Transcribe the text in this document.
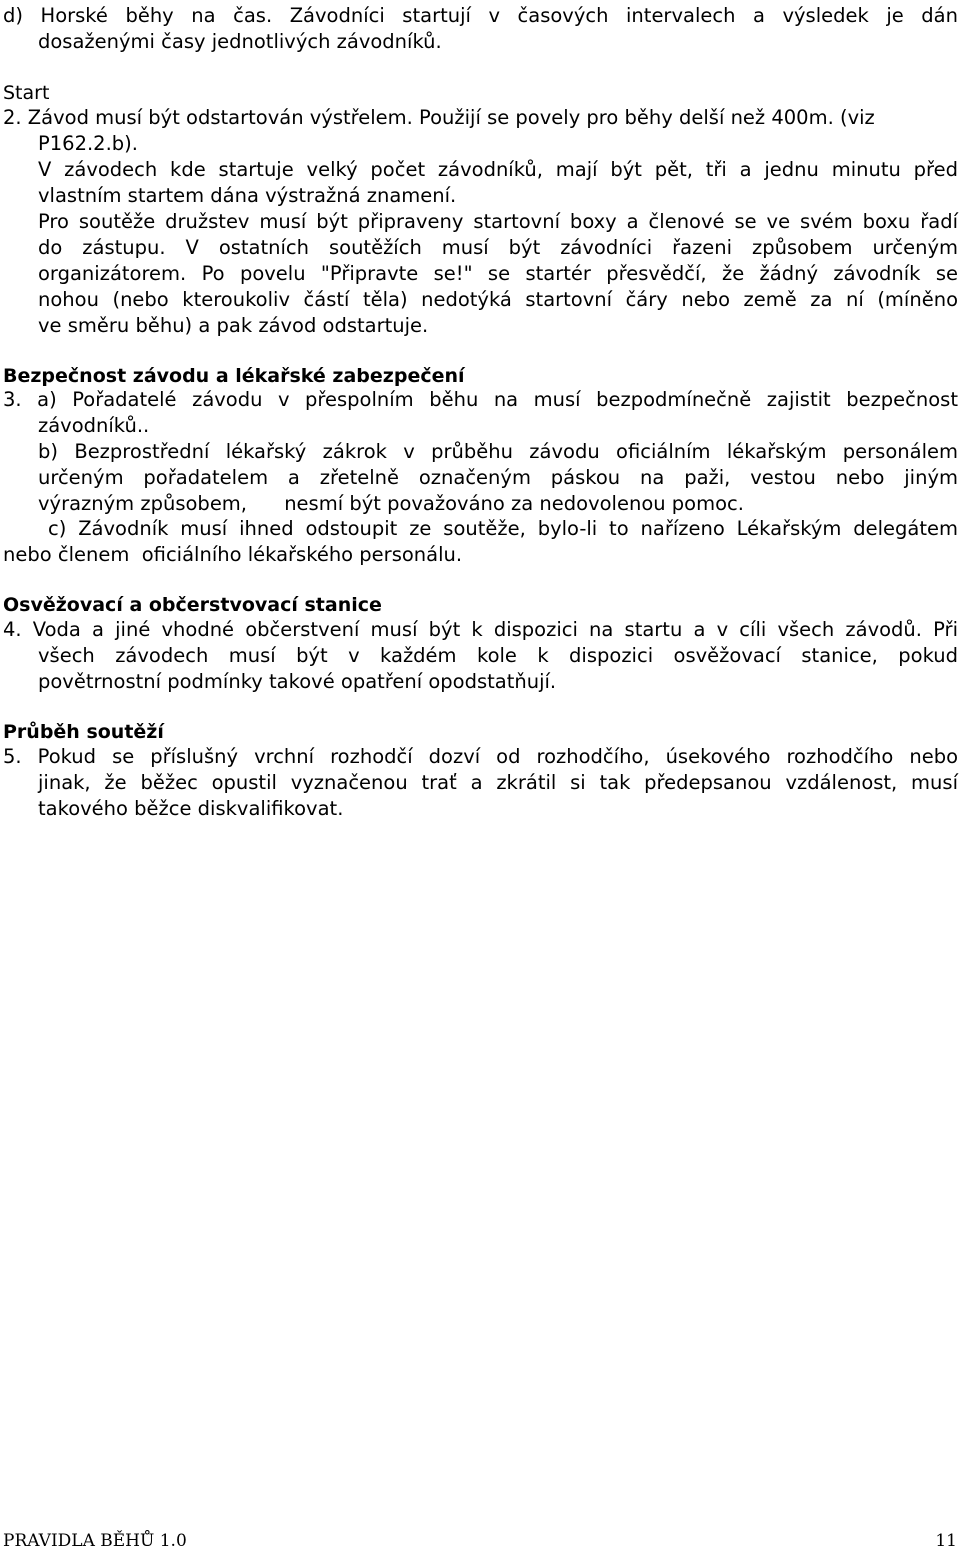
d) Horské běhy na čas. Závodníci startují v časových intervalech a výsledek je dán
dosaženými časy jednotlivých závodníků.
Start
2. Závod musí být odstartován výstřelem. Použijí se povely pro běhy delší než 400m. (viz
P162.2.b).
V závodech kde startuje velký počet závodníků, mají být pět, tři a jednu minutu před
vlastním startem dána výstražná znamení.
Pro soutěže družstev musí být připraveny startovní boxy a členové se ve svém boxu řadí
do zástupu. V ostatních soutěžích musí být závodníci řazeni způsobem určeným
organizátorem. Po povelu "Připravte se!" se startér přesvědčí, že žádný závodník se
nohou (nebo kteroukoliv částí těla) nedotýká startovní čáry nebo země za ní (míněno
ve směru běhu) a pak závod odstartuje.
Bezpečnost závodu a lékařské zabezpečení
3. a) Pořadatelé závodu v přespolním běhu na musí bezpodmínečně zajistit bezpečnost
závodníků..
b) Bezprostřední lékařský zákrok v průběhu závodu oficiálním lékařským personálem
určeným pořadatelem a zřetelně označeným páskou na paži, vestou nebo jiným
výrazným způsobem,      nesmí být považováno za nedovolenou pomoc.
c) Závodník musí ihned odstoupit ze soutěže, bylo-li to nařízeno Lékařským delegátem
nebo členem  oficiálního lékařského personálu.
Osvěžovací a občerstvovací stanice
4. Voda a jiné vhodné občerstvení musí být k dispozici na startu a v cíli všech závodů. Při
všech závodech musí být v každém kole k dispozici osvěžovací stanice, pokud
povětrnostní podmínky takové opatření opodstatňují.
Průběh soutěží
5. Pokud se příslušný vrchní rozhodčí dozví od rozhodčího, úsekového rozhodčího nebo
jinak, že běžec opustil vyznačenou trať a zkrátil si tak předepsanou vzdálenost, musí
takového běžce diskvalifikovat.
PRAVIDLA BĚHŮ 1.0	11
